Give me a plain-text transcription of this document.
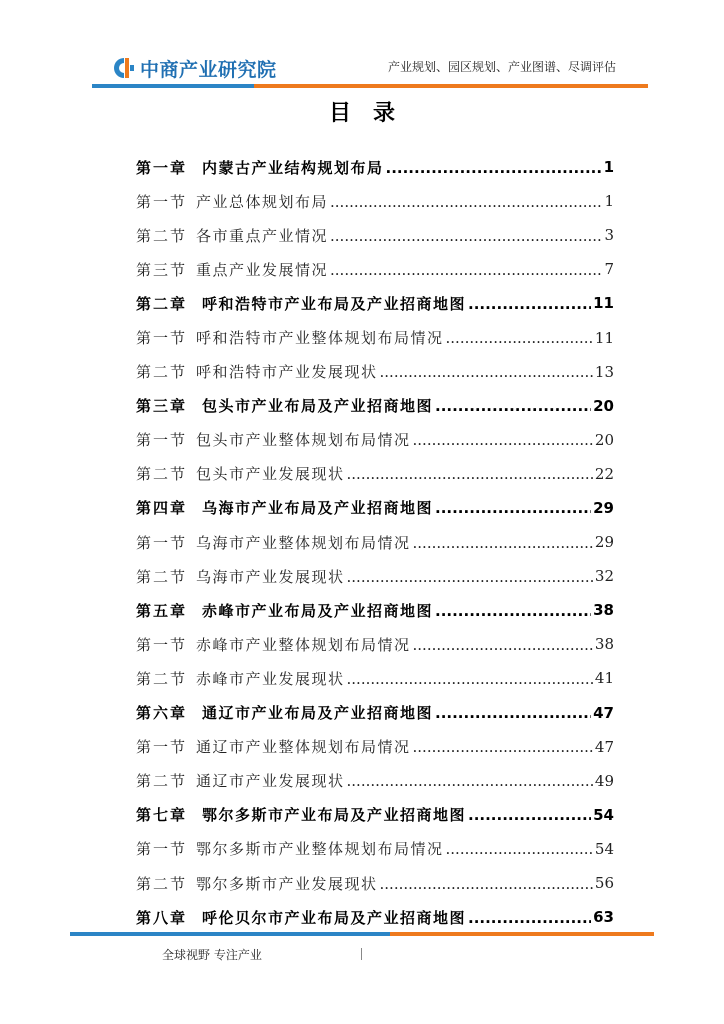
中商产业研究院	产业规划、园区规划、产业图谱、尽调评估
目录
第一章 内蒙古产业结构规划布局 .....	1
第一节 产业总体规划布局 .....	1
第二节 各市重点产业情况 .....	3
第三节 重点产业发展情况 .....	7
第二章 呼和浩特市产业布局及产业招商地图 .....	11
第一节 呼和浩特市产业整体规划布局情况 .....	11
第二节 呼和浩特市产业发展现状 .....	13
第三章 包头市产业布局及产业招商地图 .....	20
第一节 包头市产业整体规划布局情况 .....	20
第二节 包头市产业发展现状 .....	22
第四章 乌海市产业布局及产业招商地图 .....	29
第一节 乌海市产业整体规划布局情况 .....	29
第二节 乌海市产业发展现状 .....	32
第五章 赤峰市产业布局及产业招商地图 .....	38
第一节 赤峰市产业整体规划布局情况 .....	38
第二节 赤峰市产业发展现状 .....	41
第六章 通辽市产业布局及产业招商地图 .....	47
第一节 通辽市产业整体规划布局情况 .....	47
第二节 通辽市产业发展现状 .....	49
第七章 鄂尔多斯市产业布局及产业招商地图 .....	54
第一节 鄂尔多斯市产业整体规划布局情况 .....	54
第二节 鄂尔多斯市产业发展现状 .....	56
第八章 呼伦贝尔市产业布局及产业招商地图 .....	63
全球视野 专注产业
